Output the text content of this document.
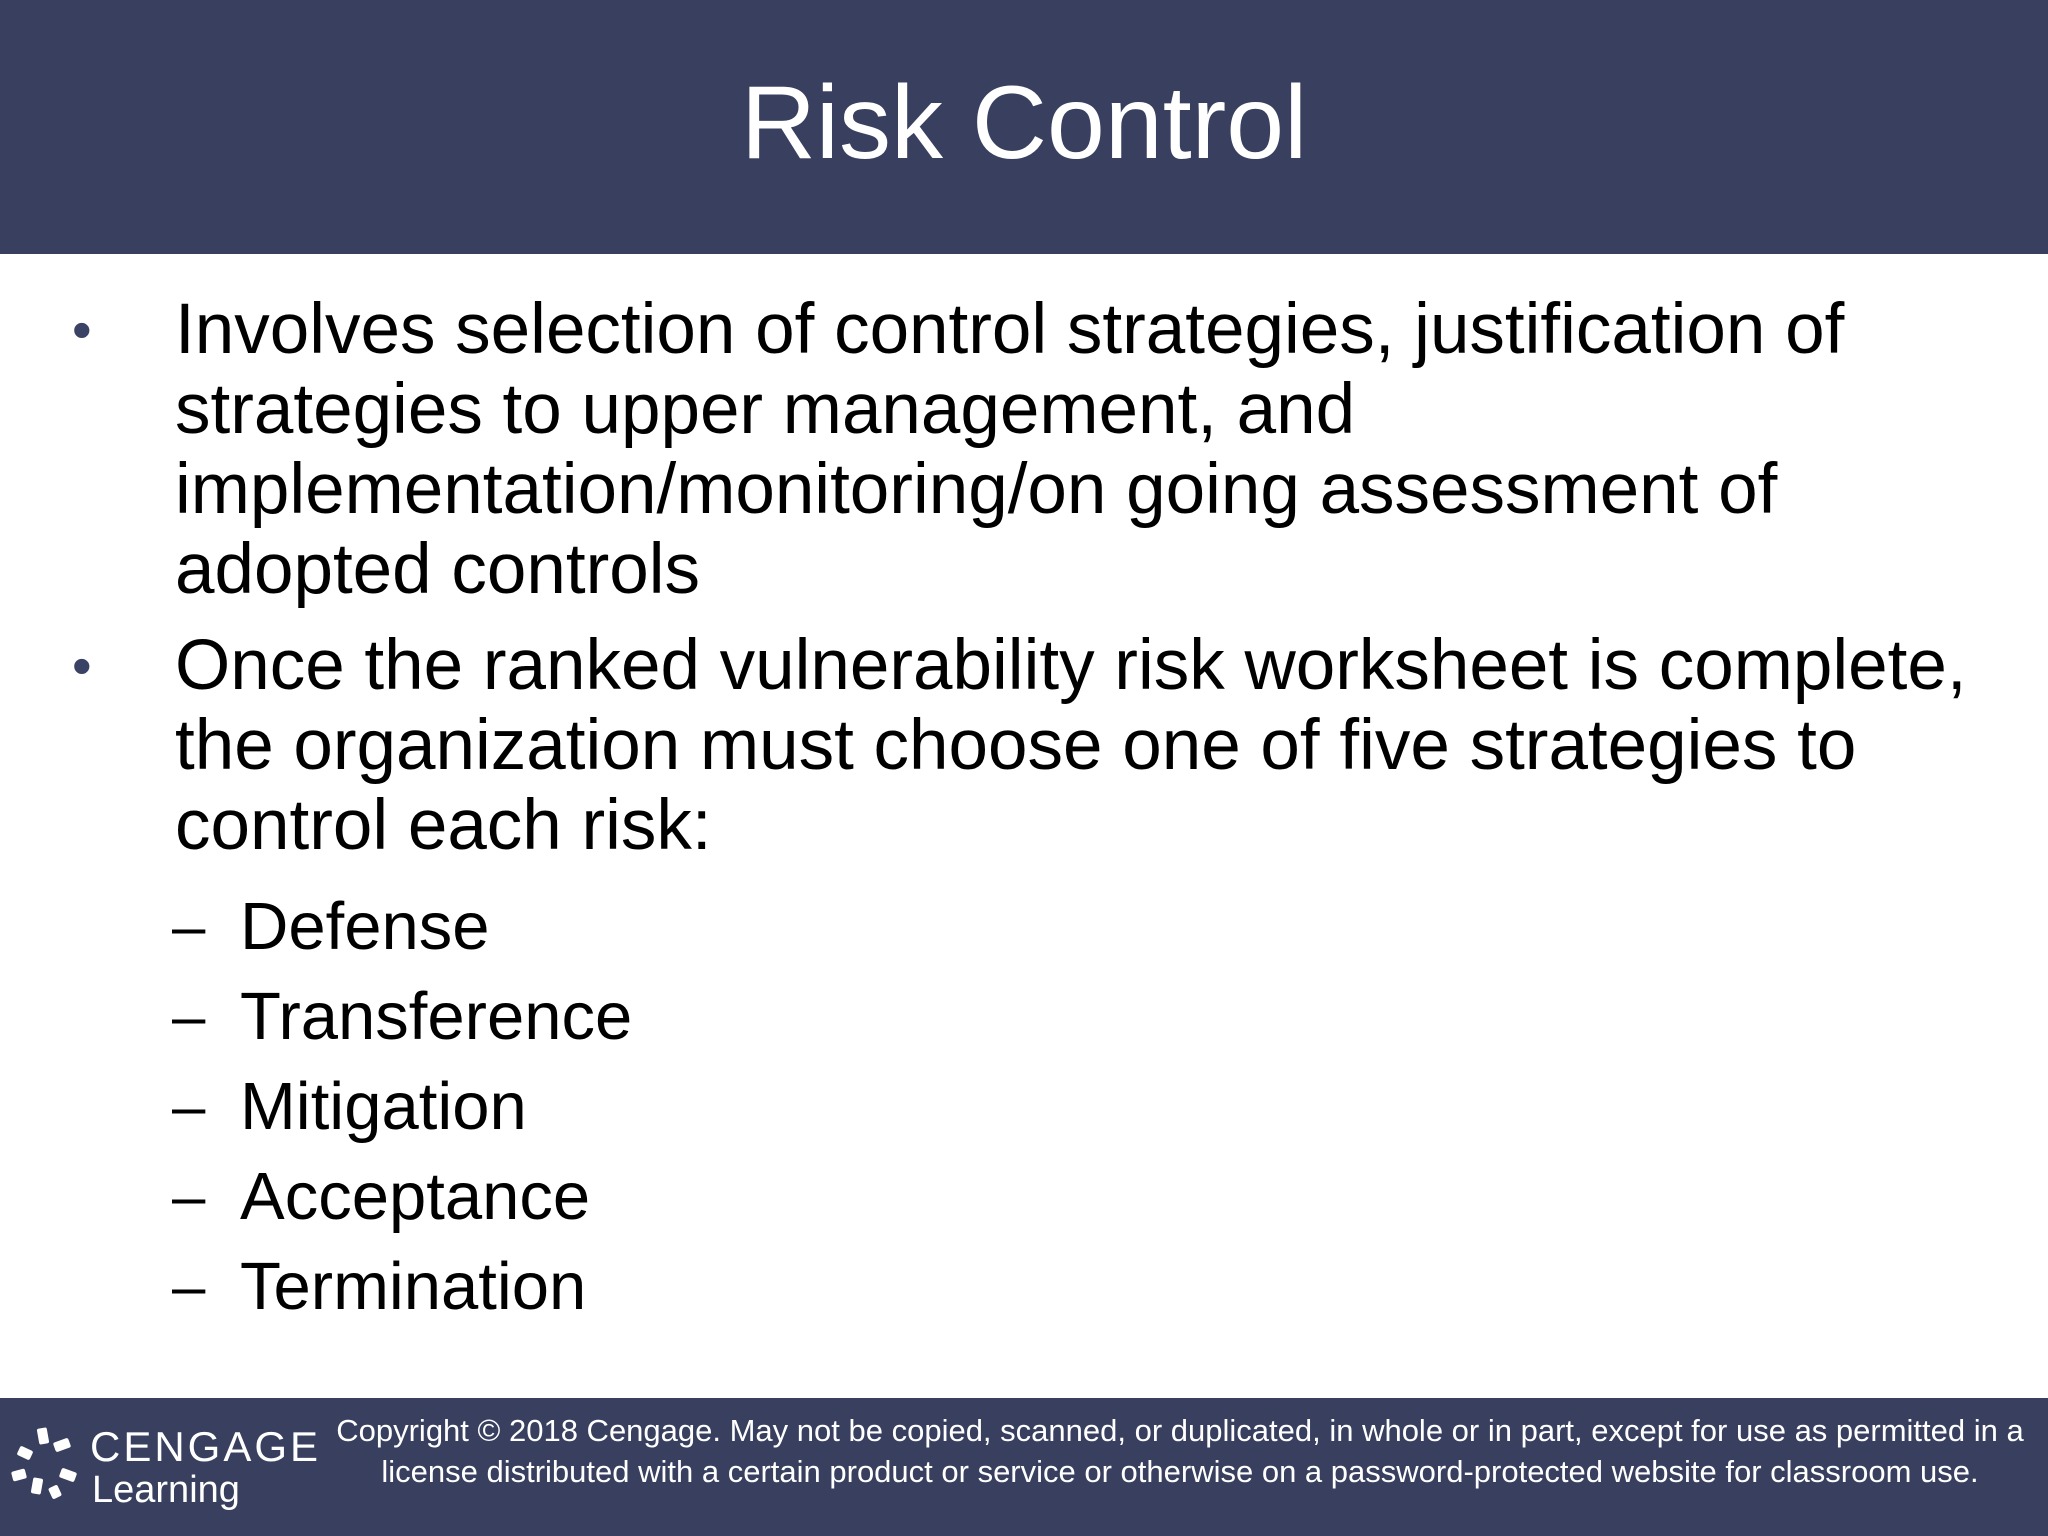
Risk Control
• Involves selection of control strategies, justification of strategies to upper management, and implementation/monitoring/on going assessment of adopted controls
• Once the ranked vulnerability risk worksheet is complete, the organization must choose one of five strategies to control each risk:
– Defense
– Transference
– Mitigation
– Acceptance
– Termination
CENGAGE
Learning
Copyright © 2018 Cengage. May not be copied, scanned, or duplicated, in whole or in part, except for use as permitted in a license distributed with a certain product or service or otherwise on a password-protected website for classroom use.
